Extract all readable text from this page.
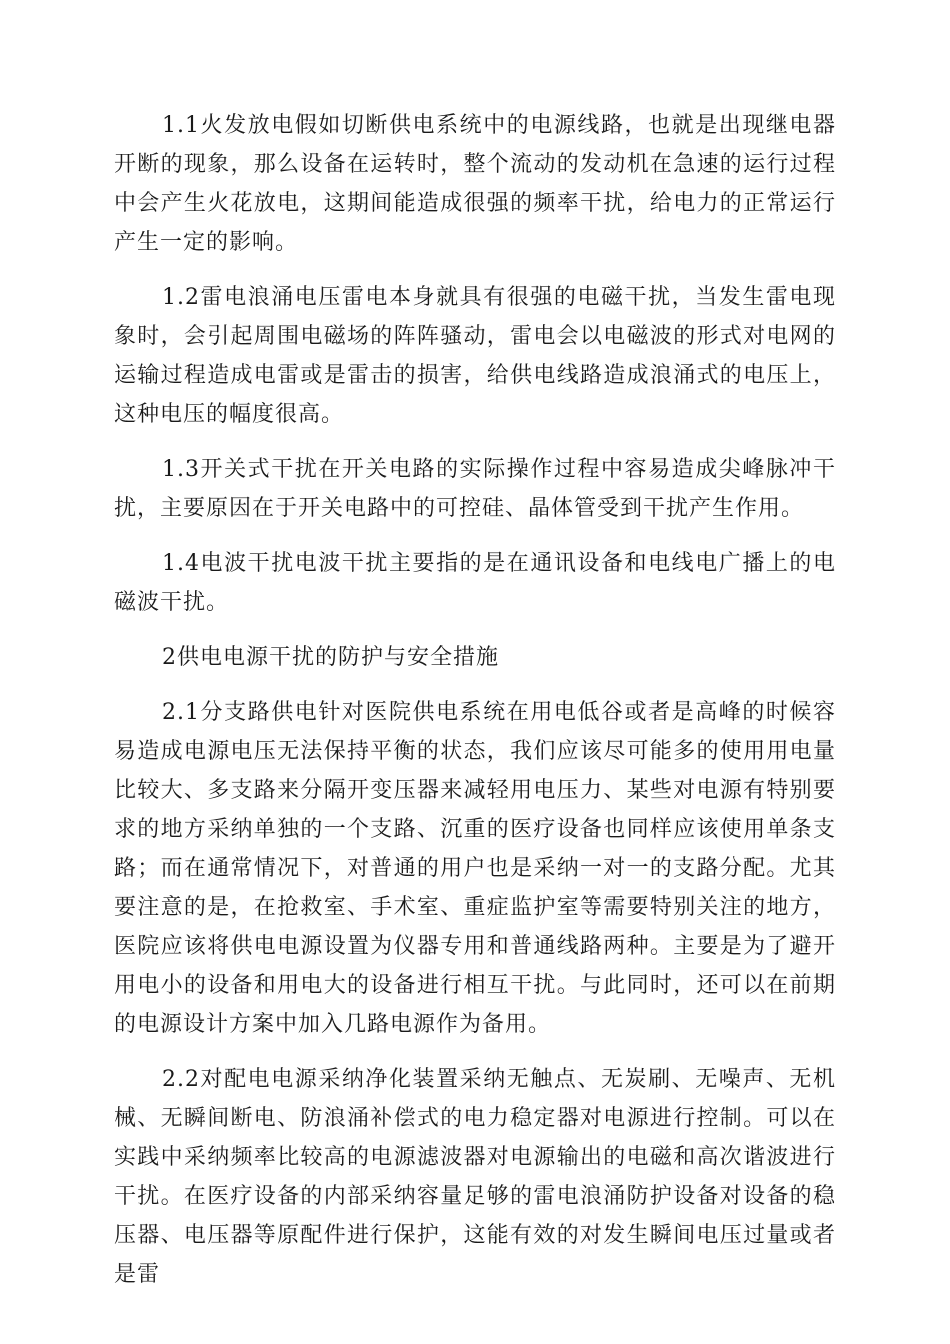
1.1火发放电假如切断供电系统中的电源线路，也就是出现继电器开断的现象，那么设备在运转时，整个流动的发动机在急速的运行过程中会产生火花放电，这期间能造成很强的频率干扰，给电力的正常运行产生一定的影响。

1.2雷电浪涌电压雷电本身就具有很强的电磁干扰，当发生雷电现象时，会引起周围电磁场的阵阵骚动，雷电会以电磁波的形式对电网的运输过程造成电雷或是雷击的损害，给供电线路造成浪涌式的电压上，这种电压的幅度很高。

1.3开关式干扰在开关电路的实际操作过程中容易造成尖峰脉冲干扰，主要原因在于开关电路中的可控硅、晶体管受到干扰产生作用。

1.4电波干扰电波干扰主要指的是在通讯设备和电线电广播上的电磁波干扰。

2供电电源干扰的防护与安全措施

2.1分支路供电针对医院供电系统在用电低谷或者是高峰的时候容易造成电源电压无法保持平衡的状态，我们应该尽可能多的使用用电量比较大、多支路来分隔开变压器来减轻用电压力、某些对电源有特别要求的地方采纳单独的一个支路、沉重的医疗设备也同样应该使用单条支路；而在通常情况下，对普通的用户也是采纳一对一的支路分配。尤其要注意的是，在抢救室、手术室、重症监护室等需要特别关注的地方，医院应该将供电电源设置为仪器专用和普通线路两种。主要是为了避开用电小的设备和用电大的设备进行相互干扰。与此同时，还可以在前期的电源设计方案中加入几路电源作为备用。

2.2对配电电源采纳净化装置采纳无触点、无炭刷、无噪声、无机械、无瞬间断电、防浪涌补偿式的电力稳定器对电源进行控制。可以在实践中采纳频率比较高的电源滤波器对电源输出的电磁和高次谐波进行干扰。在医疗设备的内部采纳容量足够的雷电浪涌防护设备对设备的稳压器、电压器等原配件进行保护，这能有效的对发生瞬间电压过量或者是雷
